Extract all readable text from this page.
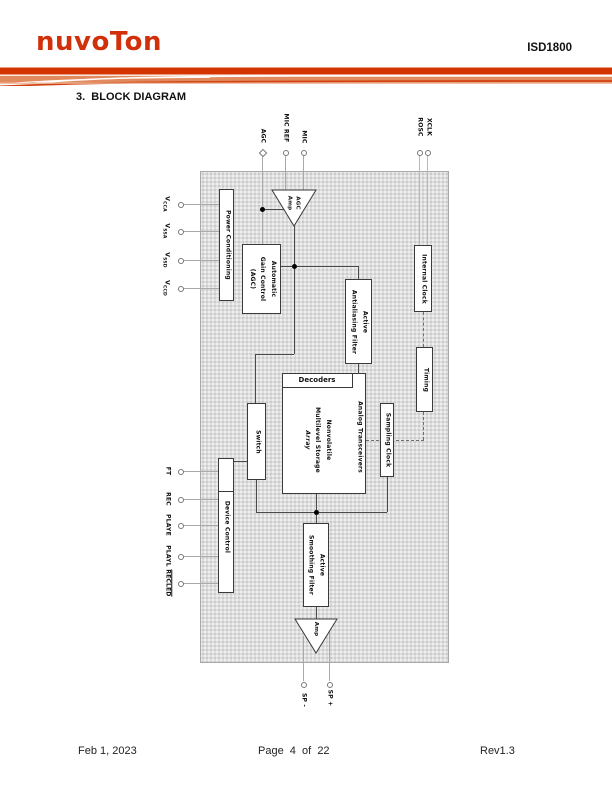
nuvoTon	ISD1800
3.  BLOCK DIAGRAM
Power Conditioning
AGC
Amp
Automatic
Gain Control
(AGC)
Active
Antialiasing Filter
Internal Clock
Timing
Decoders
Nonvolatile
Multilevel Storage
Array	Analog Transceivers	Sampling Clock
Switch
Device Control
Active
Smoothing Filter
Amp
AGC	MIC REF	MIC
ROSC XCLK
$V_{CCA}$
$V_{SSA}$
$V_{SSD}$
$V_{CCD}$
FT
REC
PLAYE
PLAYL
RECLED
SP -	SP +
Feb 1, 2023	Page  4  of  22	Rev1.3
